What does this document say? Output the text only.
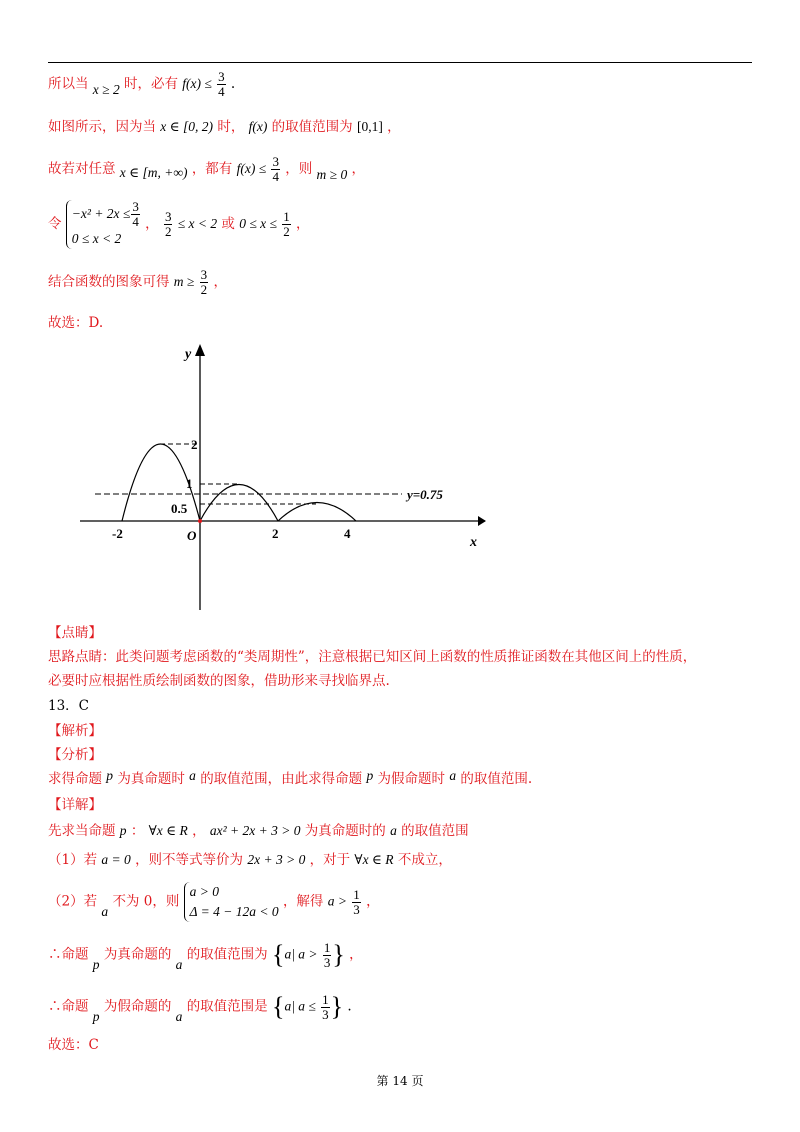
所以当 x ≥ 2 时，必有 $f(x) \le \frac{3}{4}$ .
如图所示，因为当 x ∈ [0, 2) 时， f(x) 的取值范围为 [0,1] ，
故若对任意 x ∈ [m, +∞) ，都有 $f(x) \le \frac{3}{4}$ ，则 m ≥ 0 ，
令
$-x^2 + 2x \le \frac{3}{4}$
0 ≤ x < 2
， $\frac{3}{2} \le x < 2$ 或 $0 \le x \le \frac{1}{2}$ ，
结合函数的图象可得 $m \ge \frac{3}{2}$ ，
故选：D.
y
x
O
-2	2	4
2
1
0.5
y=0.75
【点睛】
思路点睛：此类问题考虑函数的“类周期性”，注意根据已知区间上函数的性质推证函数在其他区间上的性质，
必要时应根据性质绘制函数的图象，借助形来寻找临界点.
13．C
【解析】
【分析】
求得命题 p 为真命题时 a 的取值范围，由此求得命题 p 为假命题时 a 的取值范围.
【详解】
先求当命题 p ： ∀x ∈ R ， ax² + 2x + 3 > 0 为真命题时的 a 的取值范围
（1）若 a = 0 ，则不等式等价为 2x + 3 > 0 ，对于 ∀x ∈ R 不成立，
（2）若 a 不为 0，则
a > 0
Δ = 4 − 12a < 0
，解得 $a > \frac{1}{3}$ ，
∴命题 p 为真命题的 a 的取值范围为 {a| $a > \frac{1}{3}$ } ，
∴命题 p 为假命题的 a 的取值范围是 {a| $a \le \frac{1}{3}$ } .
故选：C
第 14 页
